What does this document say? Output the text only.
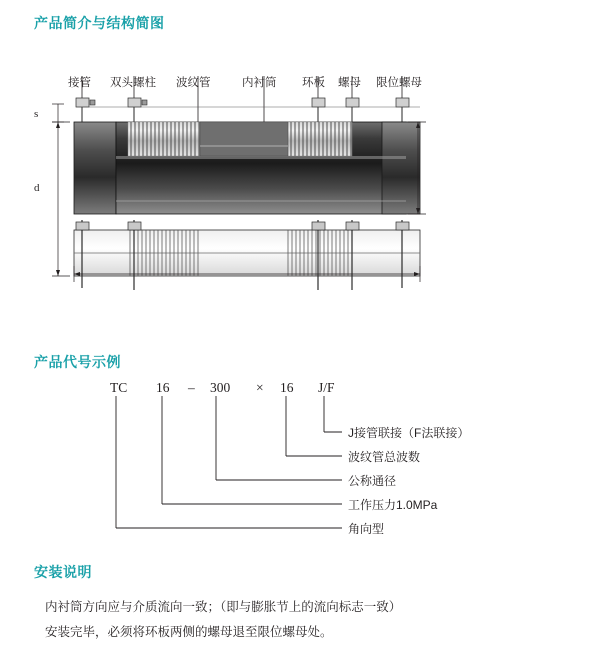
产品简介与结构简图
接管 双头螺柱 波纹管	内衬筒 环板 螺母 限位螺母
s
d
产品代号示例
TC 16 – 300 × 16 J/F
J接管联接（F法联接）
波纹管总波数
公称通径
工作压力1.0MPa
角向型
安装说明

内衬筒方向应与介质流向一致；（即与膨胀节上的流向标志一致）

安装完毕，必须将环板两侧的螺母退至限位螺母处。
